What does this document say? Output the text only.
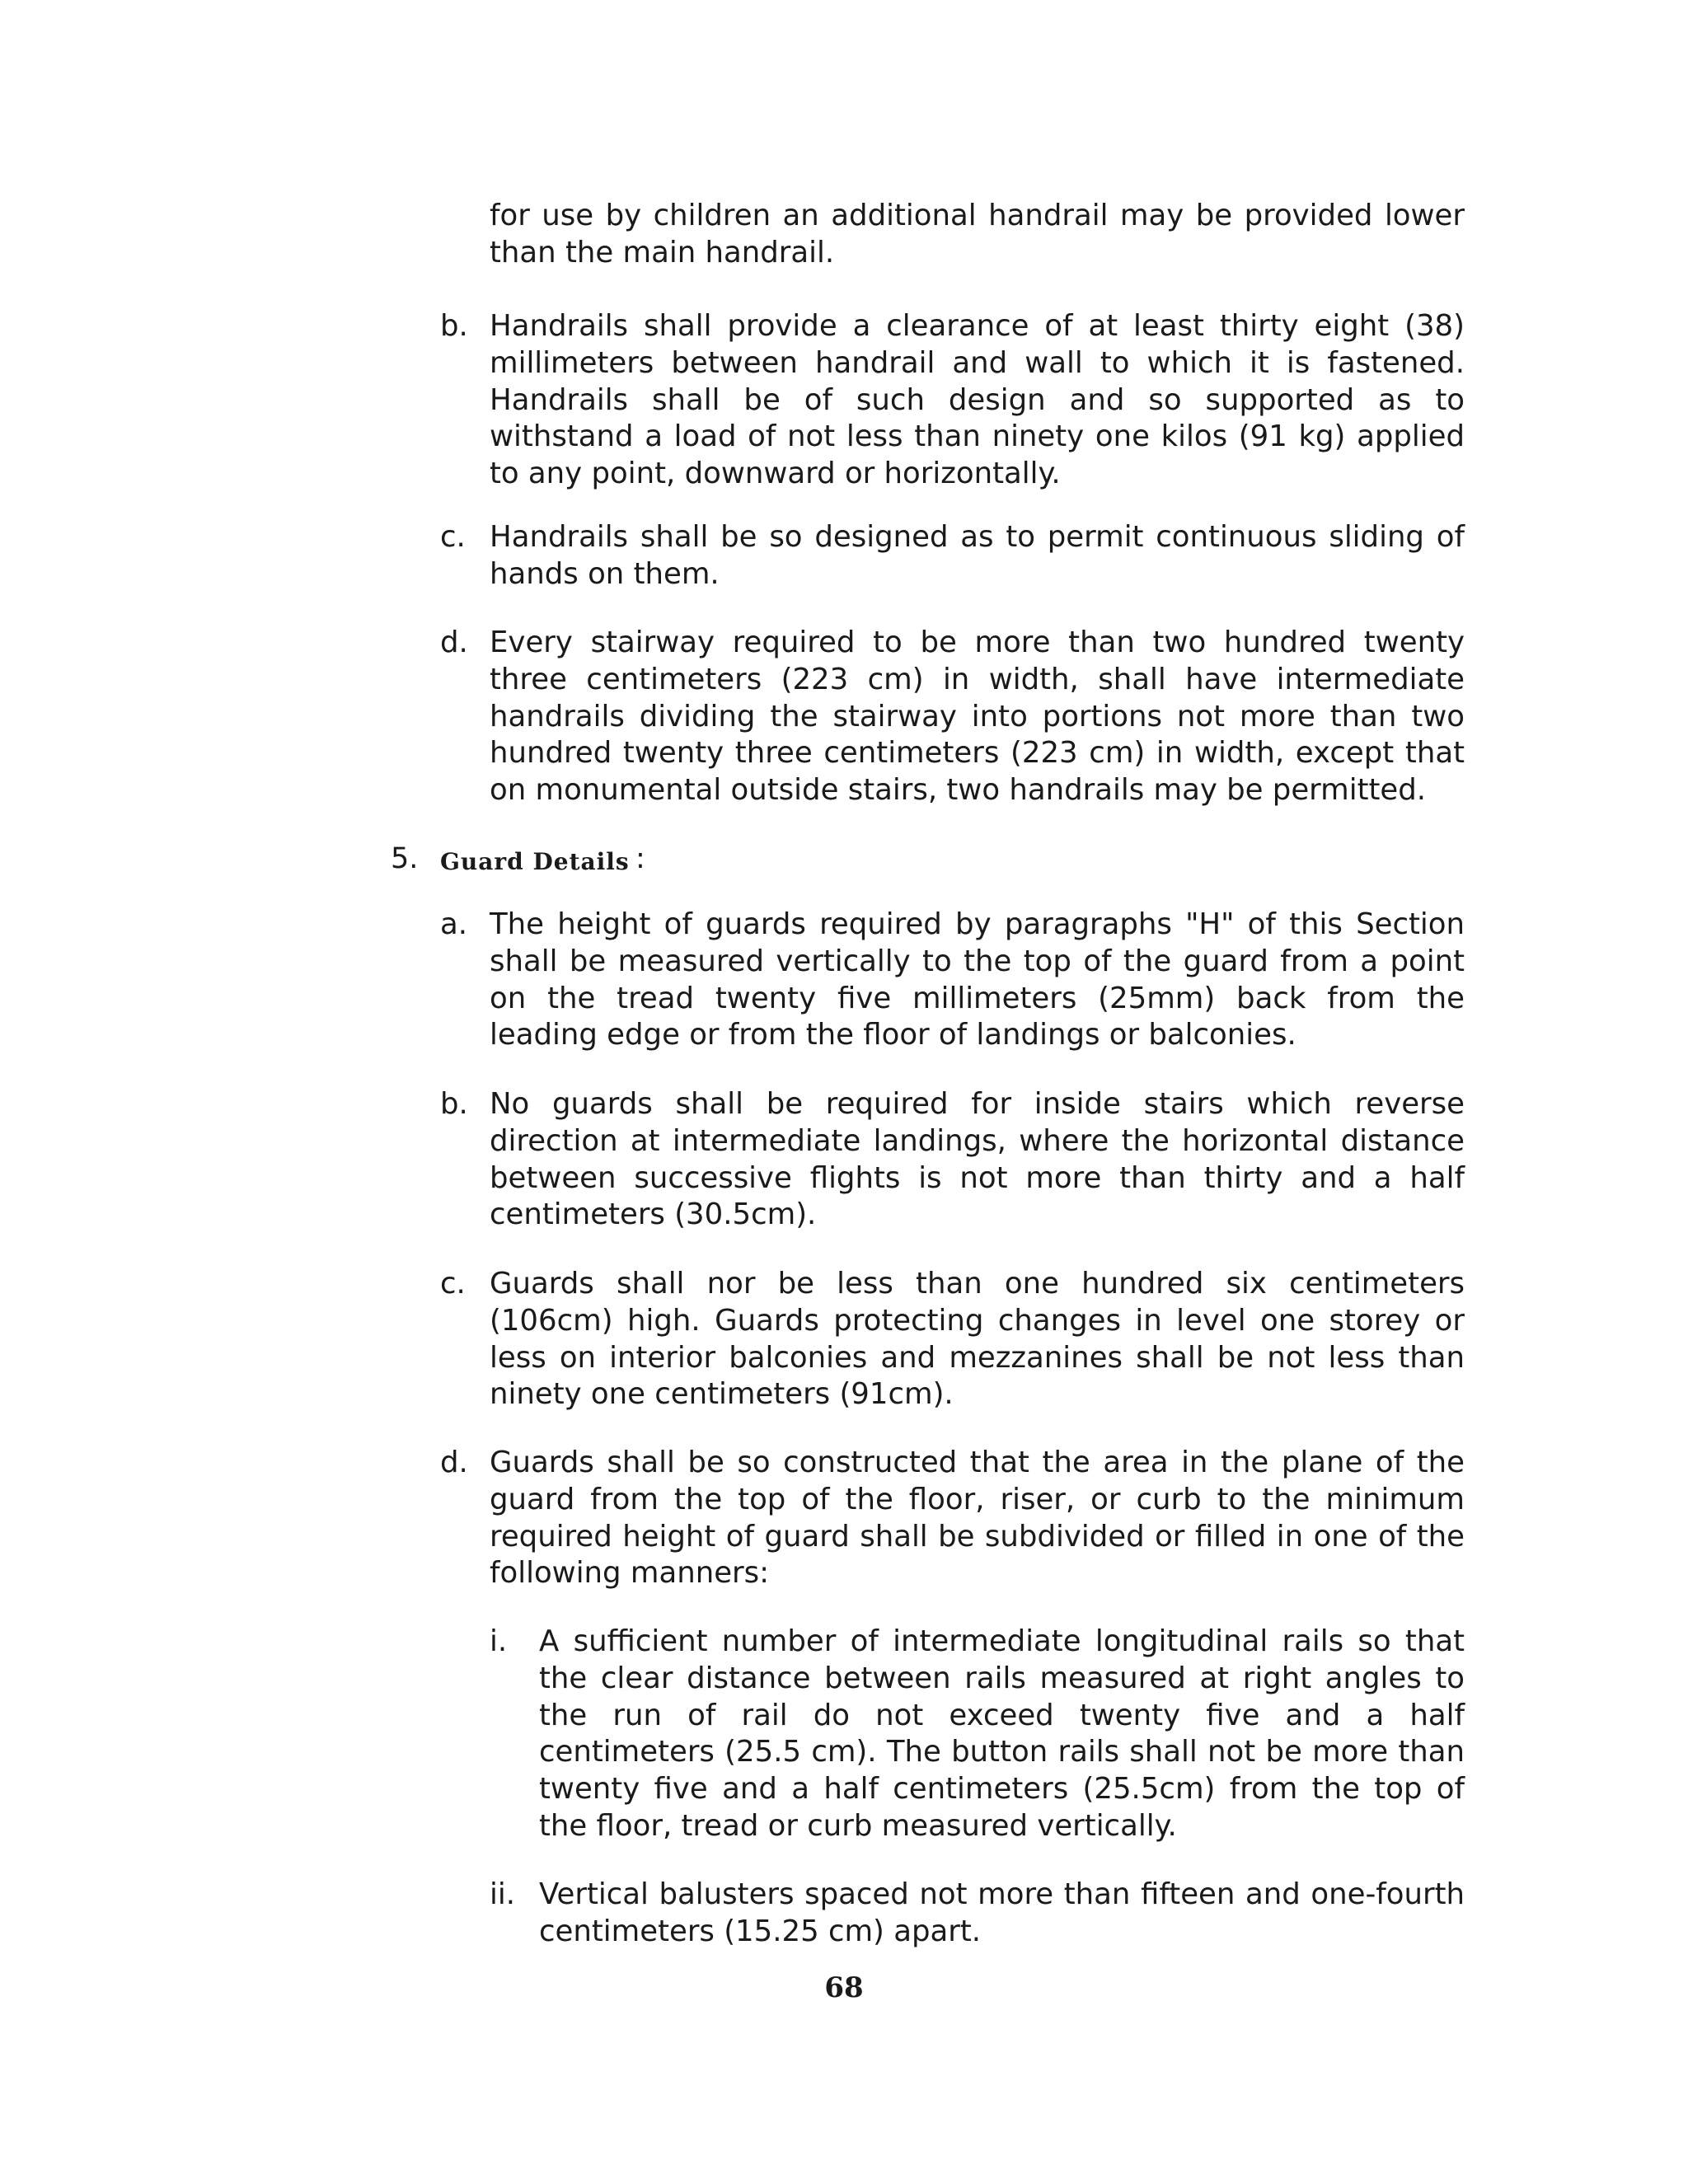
for use by children an additional handrail may be provided lower than the main handrail.
b. Handrails shall provide a clearance of at least thirty eight (38) millimeters between handrail and wall to which it is fastened. Handrails shall be of such design and so supported as to withstand a load of not less than ninety one kilos (91 kg) applied to any point, downward or horizontally.
c. Handrails shall be so designed as to permit continuous sliding of hands on them.
d. Every stairway required to be more than two hundred twenty three centimeters (223 cm) in width, shall have intermediate handrails dividing the stairway into portions not more than two hundred twenty three centimeters (223 cm) in width, except that on monumental outside stairs, two handrails may be permitted.
5. Guard Details :
a. The height of guards required by paragraphs "H" of this Section shall be measured vertically to the top of the guard from a point on the tread twenty five millimeters (25mm) back from the leading edge or from the floor of landings or balconies.
b. No guards shall be required for inside stairs which reverse direction at intermediate landings, where the horizontal distance between successive flights is not more than thirty and a half centimeters (30.5cm).
c. Guards shall nor be less than one hundred six centimeters (106cm) high. Guards protecting changes in level one storey or less on interior balconies and mezzanines shall be not less than ninety one centimeters (91cm).
d. Guards shall be so constructed that the area in the plane of the guard from the top of the floor, riser, or curb to the minimum required height of guard shall be subdivided or filled in one of the following manners:
i. A sufficient number of intermediate longitudinal rails so that the clear distance between rails measured at right angles to the run of rail do not exceed twenty five and a half centimeters (25.5 cm). The button rails shall not be more than twenty five and a half centimeters (25.5cm) from the top of the floor, tread or curb measured vertically.
ii. Vertical balusters spaced not more than fifteen and one-fourth centimeters (15.25 cm) apart.
68
